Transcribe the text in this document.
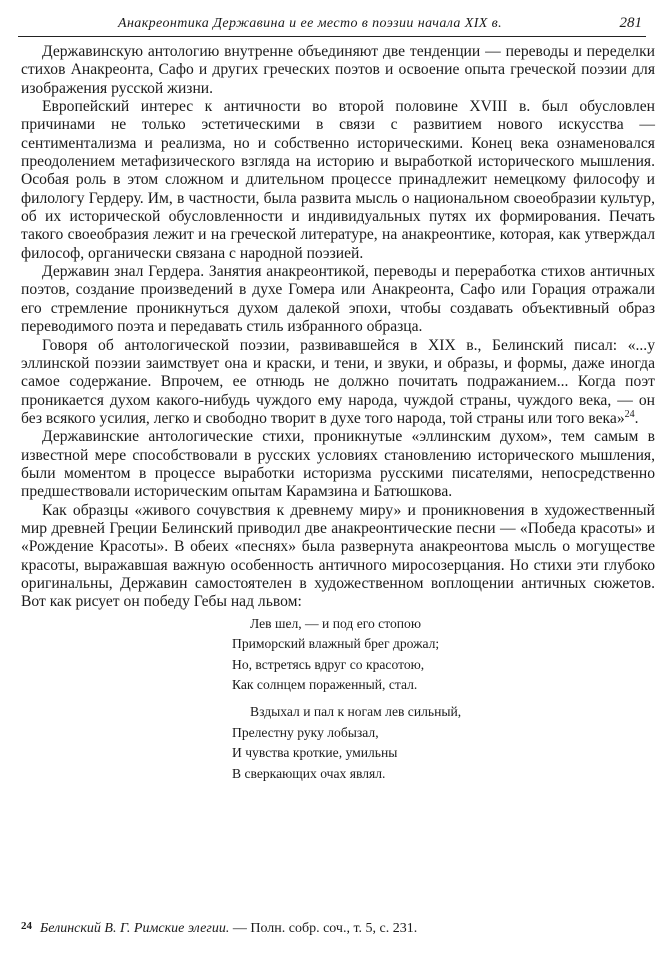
Анакреонтика Державина и ее место в поэзии начала XIX в.	281

Державинскую антологию внутренне объединяют две тенденции — переводы и переделки стихов Анакреонта, Сафо и других греческих поэтов и освоение опыта греческой поэзии для изображения русской жизни.

Европейский интерес к античности во второй половине XVIII в. был обусловлен причинами не только эстетическими в связи с развитием нового искусства — сентиментализма и реализма, но и собственно историческими. Конец века ознаменовался преодолением метафизического взгляда на историю и выработкой исторического мышления. Особая роль в этом сложном и длительном процессе принадлежит немецкому философу и филологу Гердеру. Им, в частности, была развита мысль о национальном своеобразии культур, об их исторической обусловленности и индивидуальных путях их формирования. Печать такого своеобразия лежит и на греческой литературе, на анакреонтике, которая, как утверждал философ, органически связана с народной поэзией.

Державин знал Гердера. Занятия анакреонтикой, переводы и переработка стихов античных поэтов, создание произведений в духе Гомера или Анакреонта, Сафо или Горация отражали его стремление проникнуться духом далекой эпохи, чтобы создавать объективный образ переводимого поэта и передавать стиль избранного образца.

Говоря об антологической поэзии, развивавшейся в XIX в., Белинский писал: «...у эллинской поэзии заимствует она и краски, и тени, и звуки, и образы, и формы, даже иногда самое содержание. Впрочем, ее отнюдь не должно почитать подражанием... Когда поэт проникается духом какого-нибудь чуждого ему народа, чуждой страны, чуждого века, — он без всякого усилия, легко и свободно творит в духе того народа, той страны или того века»$^{24}$.

Державинские антологические стихи, проникнутые «эллинским духом», тем самым в известной мере способствовали в русских условиях становлению исторического мышления, были моментом в процессе выработки историзма русскими писателями, непосредственно предшествовали историческим опытам Карамзина и Батюшкова.

Как образцы «живого сочувствия к древнему миру» и проникновения в художественный мир древней Греции Белинский приводил две анакреонтические песни — «Победа красоты» и «Рождение Красоты». В обеих «песнях» была развернута анакреонтова мысль о могуществе красоты, выражавшая важную особенность античного миросозерцания. Но стихи эти глубоко оригинальны, Державин самостоятелен в художественном воплощении античных сюжетов. Вот как рисует он победу Гебы над львом:

Лев шел, — и под его стопою
Приморский влажный брег дрожал;
Но, встретясь вдруг со красотою,
Как солнцем пораженный, стал.
Вздыхал и пал к ногам лев сильный,
Прелестну руку лобызал,
И чувства кроткие, умильны
В сверкающих очах являл.
$^{24}$ Белинский В. Г. Римские элегии. — Полн. собр. соч., т. 5, с. 231.
